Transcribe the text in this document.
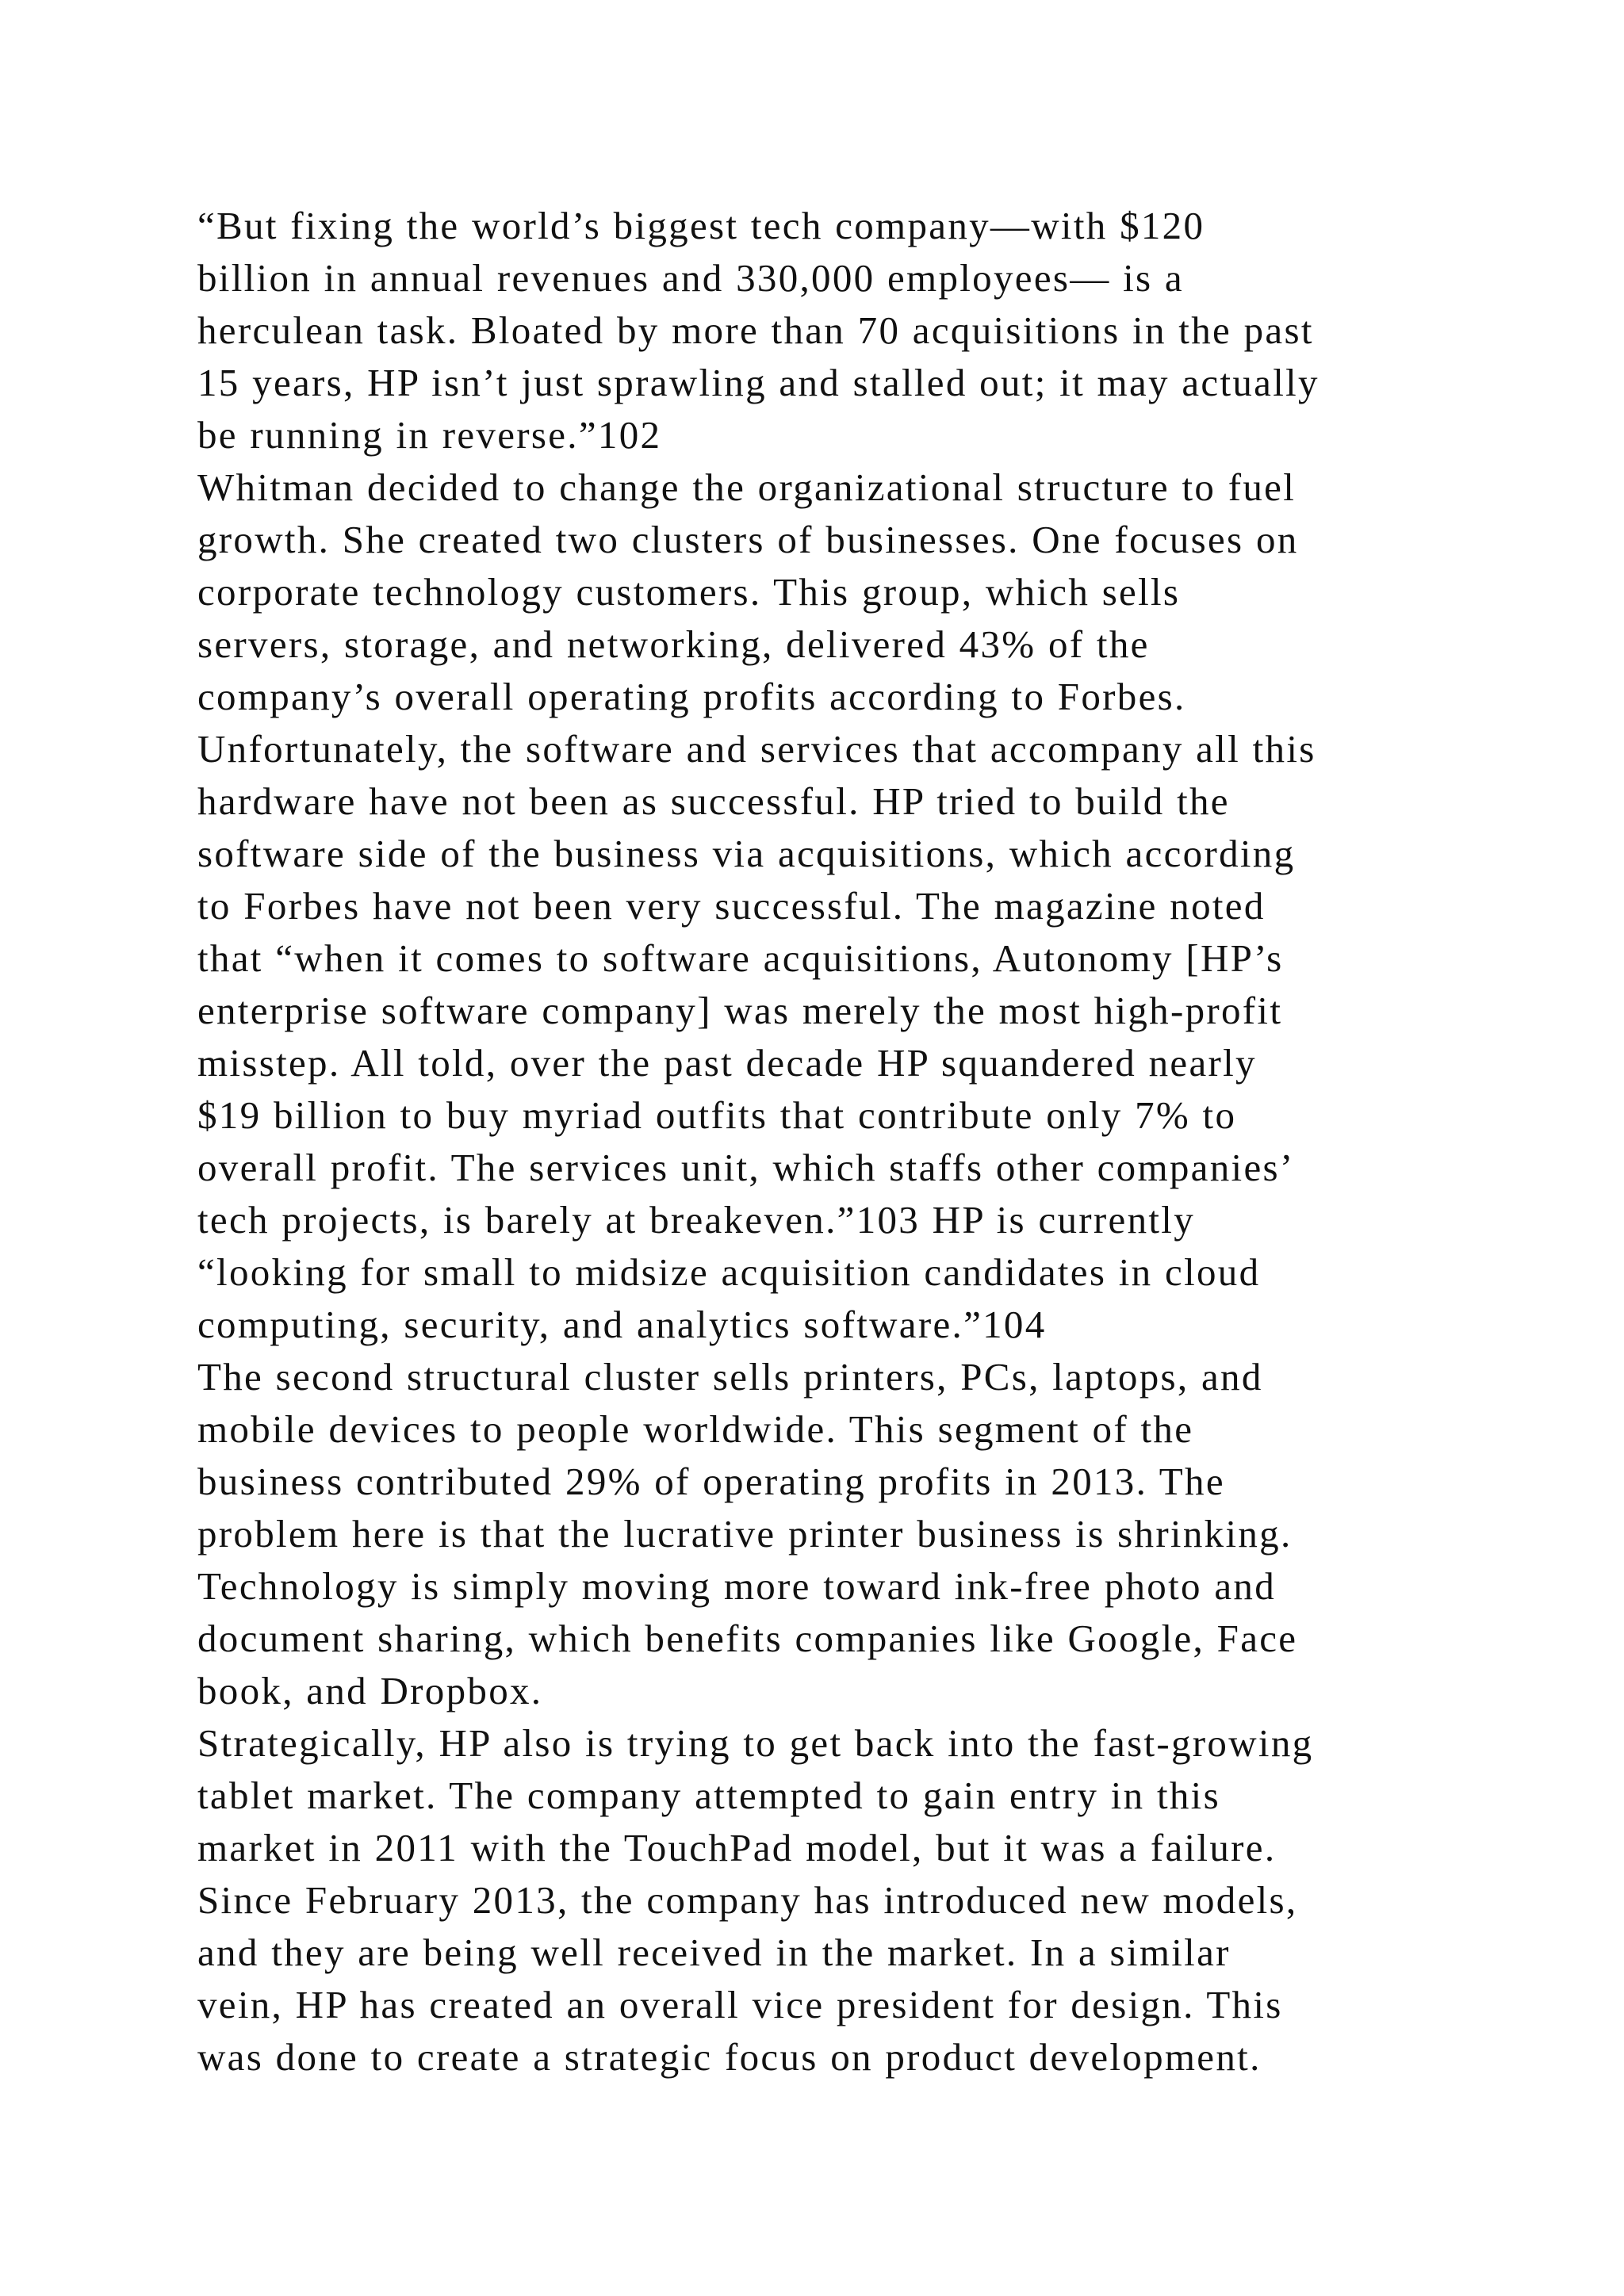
“But fixing the world’s biggest tech company—with $120
billion in annual revenues and 330,000 employees— is a
herculean task. Bloated by more than 70 acquisitions in the past
15 years, HP isn’t just sprawling and stalled out; it may actually
be running in reverse.”102
Whitman decided to change the organizational structure to fuel
growth. She created two clusters of businesses. One focuses on
corporate technology customers. This group, which sells
servers, storage, and networking, delivered 43% of the
company’s overall operating profits according to Forbes.
Unfortunately, the software and services that accompany all this
hardware have not been as successful. HP tried to build the
software side of the business via acquisitions, which according
to Forbes have not been very successful. The magazine noted
that “when it comes to software acquisitions, Autonomy [HP’s
enterprise software company] was merely the most high-profit
misstep. All told, over the past decade HP squandered nearly
$19 billion to buy myriad outfits that contribute only 7% to
overall profit. The services unit, which staffs other companies’
tech projects, is barely at breakeven.”103 HP is currently
“looking for small to midsize acquisition candidates in cloud
computing, security, and analytics software.”104
The second structural cluster sells printers, PCs, laptops, and
mobile devices to people worldwide. This segment of the
business contributed 29% of operating profits in 2013. The
problem here is that the lucrative printer business is shrinking.
Technology is simply moving more toward ink-free photo and
document sharing, which benefits companies like Google, Face
book, and Dropbox.
Strategically, HP also is trying to get back into the fast-growing
tablet market. The company attempted to gain entry in this
market in 2011 with the TouchPad model, but it was a failure.
Since February 2013, the company has introduced new models,
and they are being well received in the market. In a similar
vein, HP has created an overall vice president for design. This
was done to create a strategic focus on product development.
